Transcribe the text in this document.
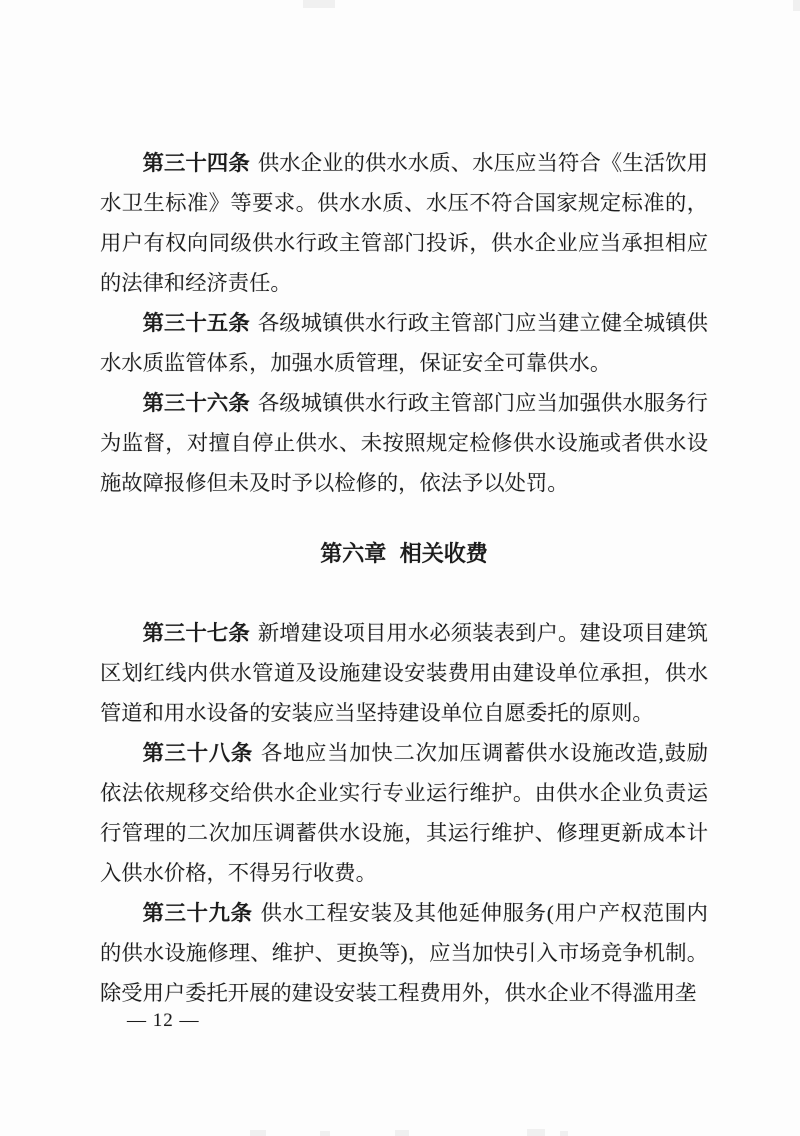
第三十四条 供水企业的供水水质、水压应当符合《生活饮用水卫生标准》等要求。供水水质、水压不符合国家规定标准的，用户有权向同级供水行政主管部门投诉，供水企业应当承担相应的法律和经济责任。

第三十五条 各级城镇供水行政主管部门应当建立健全城镇供水水质监管体系，加强水质管理，保证安全可靠供水。

第三十六条 各级城镇供水行政主管部门应当加强供水服务行为监督，对擅自停止供水、未按照规定检修供水设施或者供水设施故障报修但未及时予以检修的，依法予以处罚。

第六章 相关收费

第三十七条 新增建设项目用水必须装表到户。建设项目建筑区划红线内供水管道及设施建设安装费用由建设单位承担，供水管道和用水设备的安装应当坚持建设单位自愿委托的原则。

第三十八条 各地应当加快二次加压调蓄供水设施改造,鼓励依法依规移交给供水企业实行专业运行维护。由供水企业负责运行管理的二次加压调蓄供水设施，其运行维护、修理更新成本计入供水价格，不得另行收费。

第三十九条 供水工程安装及其他延伸服务(用户产权范围内的供水设施修理、维护、更换等)，应当加快引入市场竞争机制。除受用户委托开展的建设安装工程费用外，供水企业不得滥用垄

— 12 —
